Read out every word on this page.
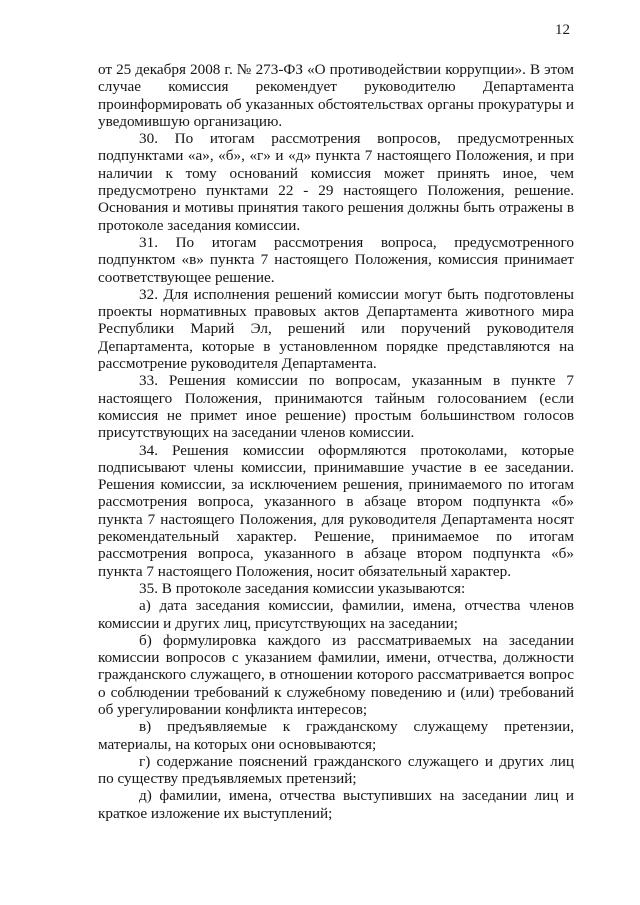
12

от 25 декабря 2008 г. № 273-ФЗ «О противодействии коррупции». В этом случае комиссия рекомендует руководителю Департамента проинформировать об указанных обстоятельствах органы прокуратуры и уведомившую организацию.

30. По итогам рассмотрения вопросов, предусмотренных подпунктами «а», «б», «г» и «д» пункта 7 настоящего Положения, и при наличии к тому оснований комиссия может принять иное, чем предусмотрено пунктами 22 - 29 настоящего Положения, решение. Основания и мотивы принятия такого решения должны быть отражены в протоколе заседания комиссии.

31. По итогам рассмотрения вопроса, предусмотренного подпунктом «в» пункта 7 настоящего Положения, комиссия принимает соответствующее решение.

32. Для исполнения решений комиссии могут быть подготовлены проекты нормативных правовых актов Департамента животного мира Республики Марий Эл, решений или поручений руководителя Департамента, которые в установленном порядке представляются на рассмотрение руководителя Департамента.

33. Решения комиссии по вопросам, указанным в пункте 7 настоящего Положения, принимаются тайным голосованием (если комиссия не примет иное решение) простым большинством голосов присутствующих на заседании членов комиссии.

34. Решения комиссии оформляются протоколами, которые подписывают члены комиссии, принимавшие участие в ее заседании. Решения комиссии, за исключением решения, принимаемого по итогам рассмотрения вопроса, указанного в абзаце втором подпункта «б» пункта 7 настоящего Положения, для руководителя Департамента носят рекомендательный характер. Решение, принимаемое по итогам рассмотрения вопроса, указанного в абзаце втором подпункта «б» пункта 7 настоящего Положения, носит обязательный характер.

35. В протоколе заседания комиссии указываются:

а) дата заседания комиссии, фамилии, имена, отчества членов комиссии и других лиц, присутствующих на заседании;

б) формулировка каждого из рассматриваемых на заседании комиссии вопросов с указанием фамилии, имени, отчества, должности гражданского служащего, в отношении которого рассматривается вопрос о соблюдении требований к служебному поведению и (или) требований об урегулировании конфликта интересов;

в) предъявляемые к гражданскому служащему претензии, материалы, на которых они основываются;

г) содержание пояснений гражданского служащего и других лиц по существу предъявляемых претензий;

д) фамилии, имена, отчества выступивших на заседании лиц и краткое изложение их выступлений;
